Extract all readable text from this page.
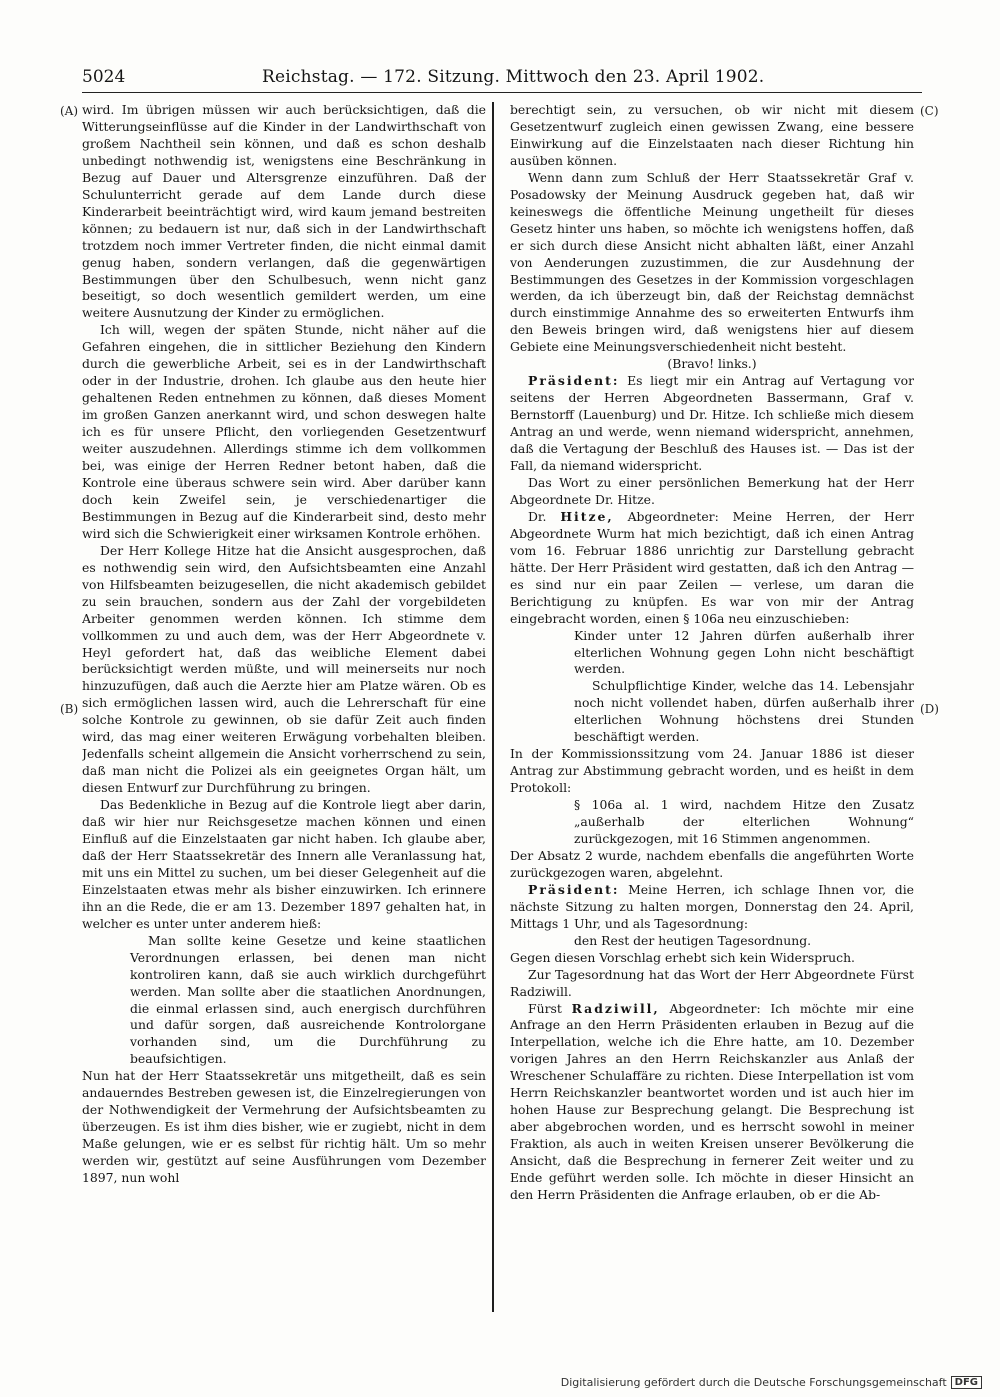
5024	Reichstag. — 172. Sitzung. Mittwoch den 23. April 1902.
(A)
(B)
(C)
(D)

wird. Im übrigen müssen wir auch berücksichtigen, daß die Witterungseinflüsse auf die Kinder in der Landwirthschaft von großem Nachtheil sein können, und daß es schon deshalb unbedingt nothwendig ist, wenigstens eine Beschränkung in Bezug auf Dauer und Altersgrenze einzuführen. Daß der Schulunterricht gerade auf dem Lande durch diese Kinderarbeit beeinträchtigt wird, wird kaum jemand bestreiten können; zu bedauern ist nur, daß sich in der Landwirthschaft trotzdem noch immer Vertreter finden, die nicht einmal damit genug haben, sondern verlangen, daß die gegenwärtigen Bestimmungen über den Schulbesuch, wenn nicht ganz beseitigt, so doch wesentlich gemildert werden, um eine weitere Ausnutzung der Kinder zu ermöglichen.

Ich will, wegen der späten Stunde, nicht näher auf die Gefahren eingehen, die in sittlicher Beziehung den Kindern durch die gewerbliche Arbeit, sei es in der Landwirthschaft oder in der Industrie, drohen. Ich glaube aus den heute hier gehaltenen Reden entnehmen zu können, daß dieses Moment im großen Ganzen anerkannt wird, und schon deswegen halte ich es für unsere Pflicht, den vorliegenden Gesetzentwurf weiter auszudehnen. Allerdings stimme ich dem vollkommen bei, was einige der Herren Redner betont haben, daß die Kontrole eine überaus schwere sein wird. Aber darüber kann doch kein Zweifel sein, je verschiedenartiger die Bestimmungen in Bezug auf die Kinderarbeit sind, desto mehr wird sich die Schwierigkeit einer wirksamen Kontrole erhöhen.

Der Herr Kollege Hitze hat die Ansicht ausgesprochen, daß es nothwendig sein wird, den Aufsichtsbeamten eine Anzahl von Hilfsbeamten beizugesellen, die nicht akademisch gebildet zu sein brauchen, sondern aus der Zahl der vorgebildeten Arbeiter genommen werden können. Ich stimme dem vollkommen zu und auch dem, was der Herr Abgeordnete v. Heyl gefordert hat, daß das weibliche Element dabei berücksichtigt werden müßte, und will meinerseits nur noch hinzuzufügen, daß auch die Aerzte hier am Platze wären. Ob es sich ermöglichen lassen wird, auch die Lehrerschaft für eine solche Kontrole zu gewinnen, ob sie dafür Zeit auch finden wird, das mag einer weiteren Erwägung vorbehalten bleiben. Jedenfalls scheint allgemein die Ansicht vorherrschend zu sein, daß man nicht die Polizei als ein geeignetes Organ hält, um diesen Entwurf zur Durchführung zu bringen.

Das Bedenkliche in Bezug auf die Kontrole liegt aber darin, daß wir hier nur Reichsgesetze machen können und einen Einfluß auf die Einzelstaaten gar nicht haben. Ich glaube aber, daß der Herr Staatssekretär des Innern alle Veranlassung hat, mit uns ein Mittel zu suchen, um bei dieser Gelegenheit auf die Einzelstaaten etwas mehr als bisher einzuwirken. Ich erinnere ihn an die Rede, die er am 13. Dezember 1897 gehalten hat, in welcher es unter unter anderem hieß:

Man sollte keine Gesetze und keine staatlichen Verordnungen erlassen, bei denen man nicht kontroliren kann, daß sie auch wirklich durchgeführt werden. Man sollte aber die staatlichen Anordnungen, die einmal erlassen sind, auch energisch durchführen und dafür sorgen, daß ausreichende Kontrolorgane vorhanden sind, um die Durchführung zu beaufsichtigen.

Nun hat der Herr Staatssekretär uns mitgetheilt, daß es sein andauerndes Bestreben gewesen ist, die Einzelregierungen von der Nothwendigkeit der Vermehrung der Aufsichtsbeamten zu überzeugen. Es ist ihm dies bisher, wie er zugiebt, nicht in dem Maße gelungen, wie er es selbst für richtig hält. Um so mehr werden wir, gestützt auf seine Ausführungen vom Dezember 1897, nun wohl

berechtigt sein, zu versuchen, ob wir nicht mit diesem Gesetzentwurf zugleich einen gewissen Zwang, eine bessere Einwirkung auf die Einzelstaaten nach dieser Richtung hin ausüben können.

Wenn dann zum Schluß der Herr Staatssekretär Graf v. Posadowsky der Meinung Ausdruck gegeben hat, daß wir keineswegs die öffentliche Meinung ungetheilt für dieses Gesetz hinter uns haben, so möchte ich wenigstens hoffen, daß er sich durch diese Ansicht nicht abhalten läßt, einer Anzahl von Aenderungen zuzustimmen, die zur Ausdehnung der Bestimmungen des Gesetzes in der Kommission vorgeschlagen werden, da ich überzeugt bin, daß der Reichstag demnächst durch einstimmige Annahme des so erweiterten Entwurfs ihm den Beweis bringen wird, daß wenigstens hier auf diesem Gebiete eine Meinungsverschiedenheit nicht besteht.

(Bravo! links.)

Präsident: Es liegt mir ein Antrag auf Vertagung vor seitens der Herren Abgeordneten Bassermann, Graf v. Bernstorff (Lauenburg) und Dr. Hitze. Ich schließe mich diesem Antrag an und werde, wenn niemand widerspricht, annehmen, daß die Vertagung der Beschluß des Hauses ist. — Das ist der Fall, da niemand widerspricht.

Das Wort zu einer persönlichen Bemerkung hat der Herr Abgeordnete Dr. Hitze.

Dr. Hitze, Abgeordneter: Meine Herren, der Herr Abgeordnete Wurm hat mich bezichtigt, daß ich einen Antrag vom 16. Februar 1886 unrichtig zur Darstellung gebracht hätte. Der Herr Präsident wird gestatten, daß ich den Antrag — es sind nur ein paar Zeilen — verlese, um daran die Berichtigung zu knüpfen. Es war von mir der Antrag eingebracht worden, einen § 106a neu einzuschieben:

Kinder unter 12 Jahren dürfen außerhalb ihrer elterlichen Wohnung gegen Lohn nicht beschäftigt werden.

Schulpflichtige Kinder, welche das 14. Lebensjahr noch nicht vollendet haben, dürfen außerhalb ihrer elterlichen Wohnung höchstens drei Stunden beschäftigt werden.

In der Kommissionssitzung vom 24. Januar 1886 ist dieser Antrag zur Abstimmung gebracht worden, und es heißt in dem Protokoll:

§ 106a al. 1 wird, nachdem Hitze den Zusatz „außerhalb der elterlichen Wohnung“ zurückgezogen, mit 16 Stimmen angenommen.

Der Absatz 2 wurde, nachdem ebenfalls die angeführten Worte zurückgezogen waren, abgelehnt.

Präsident: Meine Herren, ich schlage Ihnen vor, die nächste Sitzung zu halten morgen, Donnerstag den 24. April, Mittags 1 Uhr, und als Tagesordnung:

den Rest der heutigen Tagesordnung.

Gegen diesen Vorschlag erhebt sich kein Widerspruch.

Zur Tagesordnung hat das Wort der Herr Abgeordnete Fürst Radziwill.

Fürst Radziwill, Abgeordneter: Ich möchte mir eine Anfrage an den Herrn Präsidenten erlauben in Bezug auf die Interpellation, welche ich die Ehre hatte, am 10. Dezember vorigen Jahres an den Herrn Reichskanzler aus Anlaß der Wreschener Schulaffäre zu richten. Diese Interpellation ist vom Herrn Reichskanzler beantwortet worden und ist auch hier im hohen Hause zur Besprechung gelangt. Die Besprechung ist aber abgebrochen worden, und es herrscht sowohl in meiner Fraktion, als auch in weiten Kreisen unserer Bevölkerung die Ansicht, daß die Besprechung in fernerer Zeit weiter und zu Ende geführt werden solle. Ich möchte in dieser Hinsicht an den Herrn Präsidenten die Anfrage erlauben, ob er die Ab-

Digitalisierung gefördert durch die Deutsche Forschungsgemeinschaft DFG
